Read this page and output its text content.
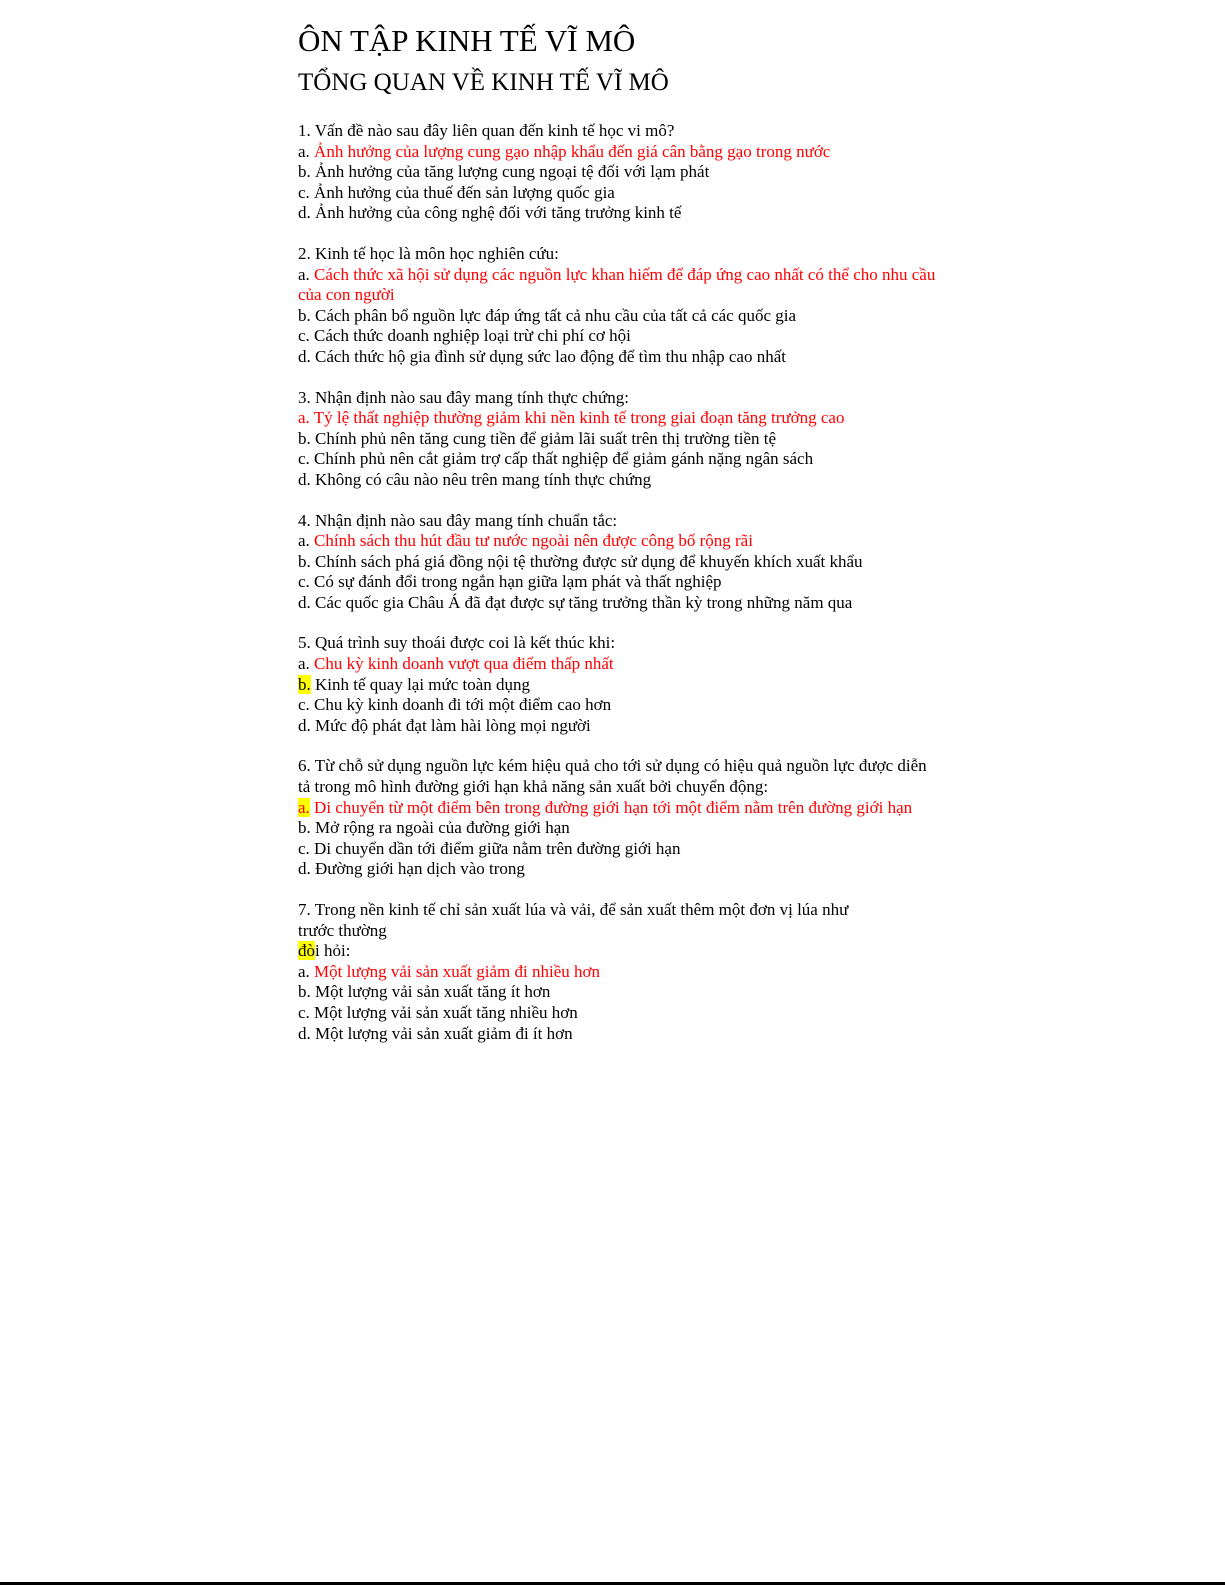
ÔN TẬP KINH TẾ VĨ MÔ
TỔNG QUAN VỀ KINH TẾ VĨ MÔ
1. Vấn đề nào sau đây liên quan đến kinh tế học vi mô?
a. Ảnh hưởng của lượng cung gạo nhập khẩu đến giá cân bằng gạo trong nước
b. Ảnh hưởng của tăng lượng cung ngoại tệ đối với lạm phát
c. Ảnh hưởng của thuế đến sản lượng quốc gia
d. Ảnh hưởng của công nghệ đối với tăng trưởng kinh tế
2. Kinh tế học là môn học nghiên cứu:
a. Cách thức xã hội sử dụng các nguồn lực khan hiếm để đáp ứng cao nhất có thể cho nhu cầu của con người
b. Cách phân bổ nguồn lực đáp ứng tất cả nhu cầu của tất cả các quốc gia
c. Cách thức doanh nghiệp loại trừ chi phí cơ hội
d. Cách thức hộ gia đình sử dụng sức lao động để tìm thu nhập cao nhất
3. Nhận định nào sau đây mang tính thực chứng:
a. Tỷ lệ thất nghiệp thường giảm khi nền kinh tế trong giai đoạn tăng trưởng cao
b. Chính phủ nên tăng cung tiền để giảm lãi suất trên thị trường tiền tệ
c. Chính phủ nên cắt giảm trợ cấp thất nghiệp để giảm gánh nặng ngân sách
d. Không có câu nào nêu trên mang tính thực chứng
4. Nhận định nào sau đây mang tính chuẩn tắc:
a. Chính sách thu hút đầu tư nước ngoài nên được công bố rộng rãi
b. Chính sách phá giá đồng nội tệ thường được sử dụng để khuyến khích xuất khẩu
c. Có sự đánh đổi trong ngắn hạn giữa lạm phát và thất nghiệp
d. Các quốc gia Châu Á đã đạt được sự tăng trưởng thần kỳ trong những năm qua
5. Quá trình suy thoái được coi là kết thúc khi:
a. Chu kỳ kinh doanh vượt qua điểm thấp nhất
b. Kinh tế quay lại mức toàn dụng
c. Chu kỳ kinh doanh đi tới một điểm cao hơn
d. Mức độ phát đạt làm hài lòng mọi người
6. Từ chỗ sử dụng nguồn lực kém hiệu quả cho tới sử dụng có hiệu quả nguồn lực được diễn tả trong mô hình đường giới hạn khả năng sản xuất bởi chuyển động:
a. Di chuyển từ một điểm bên trong đường giới hạn tới một điểm nằm trên đường giới hạn
b. Mở rộng ra ngoài của đường giới hạn
c. Di chuyển dần tới điểm giữa nằm trên đường giới hạn
d. Đường giới hạn dịch vào trong
7. Trong nền kinh tế chỉ sản xuất lúa và vải, để sản xuất thêm một đơn vị lúa như
trước thường
đòi hỏi:
a. Một lượng vải sản xuất giảm đi nhiều hơn
b. Một lượng vải sản xuất tăng ít hơn
c. Một lượng vải sản xuất tăng nhiều hơn
d. Một lượng vải sản xuất giảm đi ít hơn
